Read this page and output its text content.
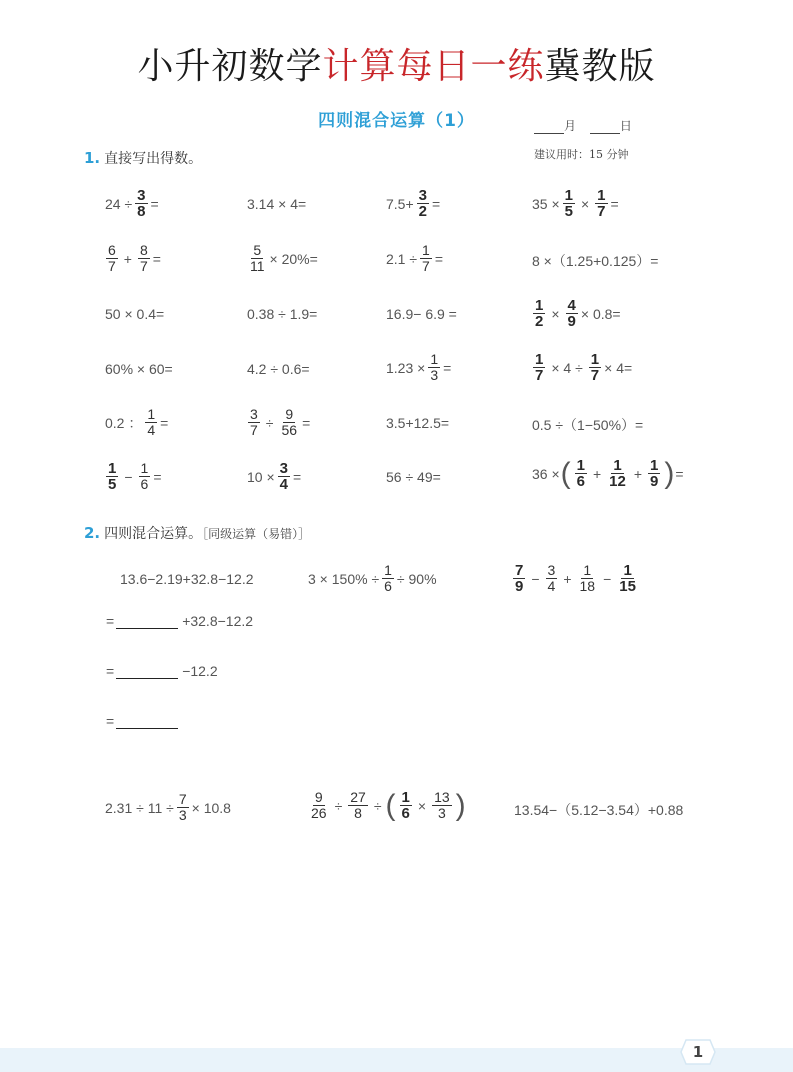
小升初数学计算每日一练冀教版
四则混合运算（1）	月	日
建议用时：15 分钟
1. 直接写出得数。
$24 \div \frac{3}{8}$ =	3.14 × 4=	$7.5+ \frac{3}{2}$ =	$35 \times \frac{1}{5} \times \frac{1}{7}$ =
$\frac{6}{7} + \frac{8}{7}$ =	$\frac{5}{11} \times 20\%=$	$2.1 \div \frac{1}{7}$ =	8 ×（1.25+0.125）=
50 × 0.4=	0.38 ÷ 1.9=	16.9− 6.9 =	$\frac{1}{2} \times \frac{4}{9} \times 0.8=$
60% × 60=	4.2 ÷ 0.6=	$1.23 \times \frac{1}{3}$ =	$\frac{1}{7} \times 4 \div \frac{1}{7} \times 4=$
0.2 ： $\frac{1}{4}$ =	$\frac{3}{7} \div \frac{9}{56}$ =	3.5+12.5=	0.5 ÷（1−50%）=
$\frac{1}{5} - \frac{1}{6}$ =	$10 \times \frac{3}{4}$ =	56 ÷ 49=	36 × ( $\frac{1}{6} + \frac{1}{12} + \frac{1}{9}$ ) =
2. 四则混合运算。［同级运算（易错）］
13.6−2.19+32.8−12.2	$3 \times 150\% \div \frac{1}{6} \div 90\%$	$\frac{7}{9} - \frac{3}{4} + \frac{1}{18} - \frac{1}{15}$
=	+32.8−12.2
=	−12.2
=
$2.31 \div 11 \div \frac{7}{3} \times 10.8$	$\frac{9}{26} \div \frac{27}{8}$ ÷ ( $\frac{1}{6} \times \frac{13}{3}$ )	13.54−（5.12−3.54）+0.88
1
